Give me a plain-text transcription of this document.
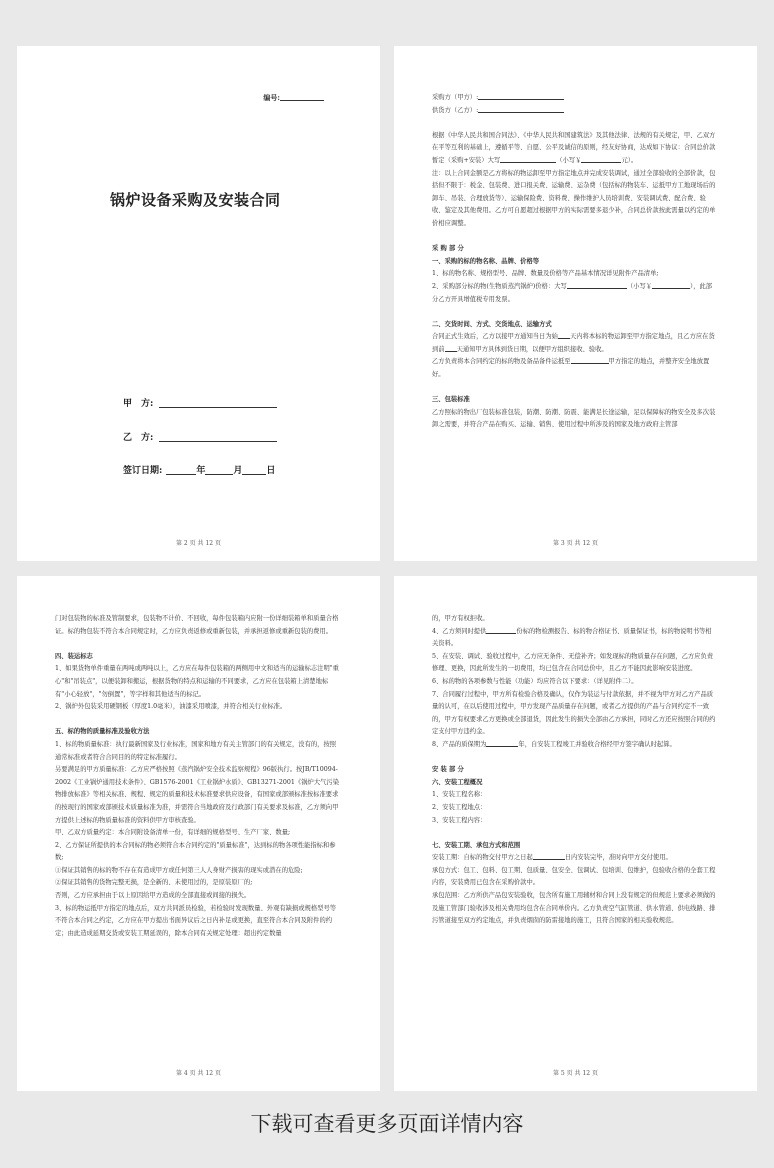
编号:
锅炉设备采购及安装合同
甲　方:
乙　方:
签订日期:	年	月	日
第 2 页 共 12 页

采购方（甲方）:

供货方（乙方）:

根据《中华人民共和国合同法》、《中华人民共和国建筑法》及其他法律、法规的有关规定，甲、乙双方在平等互利的基础上，遵循平等、自愿、公平及诚信的原则，经友好协商，达成如下协议：合同总价款暂定（采购+安装）大写	（小写￥	元）。

注：以上合同金额是乙方将标的物运卸至甲方指定地点并完成安装调试，通过全部验收的全部价款，包括但不限于：税金、包装费、进口报关费、运输费、运杂费（包括标的物装车、运抵甲方工地现场后的卸车、吊装、合理放货等）、运输保险费、资料费、操作维护人员培训费、安装调试费、配合费、验收、鉴定及其他费用。乙方可自愿超过根据甲方的实际需要多退少补，合同总价款按此需量以约定的单价相应调整。

采 购 部 分

一、采购的标的物名称、品牌、价格等

1、标的物名称、规格型号、品牌、数量及价格等产品基本情况详见附件产品清单;

2、采购部分标的物(生物质蒸汽锅炉)价格：大写	（小写￥	），此部分乙方开具增值税专用发票。

二、交货时间、方式、交货地点、运输方式

合同正式生效后，乙方以接甲方通知当日为始 天内将本标的物运卸至甲方指定地点，且乙方应在货到前 天通知甲方具体到货日期，以便甲方组织接收、验收。

乙方负责将本合同约定的标的物及备品备件运抵至	甲方指定的地点，并整齐安全地放置好。

三、包装标准

乙方照标的物出厂包装标准包装，防潮、防潮、防震、能满足长途运输，足以保障标的物安全及多次装卸之需要，并符合产品在购买、运输、销售、使用过程中所涉及的国家及地方政府主管部

第 3 页 共 12 页

门对包装物的标准及管制要求，包装物不计价、不回收，每件包装箱内应附一份详细装箱单和质量合格证。标的物包装不符合本合同规定时，乙方应负责返修或重新包装，并承担返修或重新包装的费用。

四、装运标志

1、如果货物单件重量在两吨或两吨以上，乙方应在每件包装箱的两侧用中文和适当的运输标志注明"重心"和"吊装点"，以便装卸和搬运，根据货物的特点和运输的不同要求，乙方应在包装箱上清楚地标有"小心轻放"，"勿倒置"，等字样和其他适当的标记。

2、锅炉外包装采用硬钢板（厚度1.0毫米），油漆采用喷漆，并符合相关行业标准。

五、标的物的质量标准及验收方法

1、标的物质量标准：执行最新国家及行业标准，国家和地方有关主管部门的有关规定，没有的，按照通常标准或者符合合同目的的特定标准履行。

另要满足的甲方质量标准：乙方应严格按照《蒸汽锅炉安全技术监察规程》96版执行。按JB/T10094-2002《工业锅炉通用技术条件》、GB1576-2001《工业锅炉水质》、GB13271-2001《锅炉大气污染物排放标准》等相关标准、规程、规定的质量和技术标准要求供应设备，有国家或部颁标准按标准要求的按现行的国家或部颁技术质量标准为准，并需符合当地政府及行政部门有关要求及标准，乙方须向甲方提供上述标的物质量标准的资料供甲方审核查验。

甲、乙双方质量约定：本合同附设备清单一份，有详细的规格型号、生产厂家、数量;

2、乙方保证所提供的本合同标的物必须符合本合同约定的"质量标准"，达到标的物各项性能指标和参数;

①保证其销售的标的物不存在有造成甲方或任何第三人人身财产损害的现实或潜在的危险;

②保证其销售的货物完整无损，是全新的、未使用过的，是原装原厂的;

否则，乙方应承担由于以上原因给甲方造成的全部直接或间接的损失。

3、标的物运抵甲方指定的地点后，双方共同派员检验，若检验时发现数量、外观有缺损或规格型号等不符合本合同之约定，乙方应在甲方提出书面异议后之日内补足或更换，直至符合本合同及附件的约定；由此造成延期交货或安装工期延误的，除本合同有关规定处理：超出约定数量

第 4 页 共 12 页

的，甲方有权拒收。

4、乙方须同时提供	份标的物检测报告、标的物合格证书、质量保证书，标的物说明书等相关资料。

5、在安装、调试、验收过程中，乙方应无条件、无偿补齐；如发现标的物质量存在问题，乙方应负责修理、更换，因此所发生的一切费用，均已包含在合同总价中，且乙方不能因此影响安装进度。

6、标的物的各项参数与性能（功能）均应符合以下要求：（详见附件二）。

7、合同履行过程中，甲方所有检验合格及确认，仅作为装运与付款依据，并不视为甲方对乙方产品质量的认可，在以后使用过程中，甲方发现产品质量存在问题，或者乙方提供的产品与合同约定不一致的，甲方有权要求乙方更换或全部退货，因此发生的损失全部由乙方承担，同时乙方还应按照合同的约定支付甲方违约金。

8、产品的质保期为	年，自安装工程竣工并验收合格经甲方签字确认时起算。

安 装 部 分

六、安装工程概况

1、安装工程名称：

2、安装工程地点：

3、安装工程内容：

七、安装工期、承包方式和范围

安装工期：自标的物交付甲方之日起	日内安装完毕，准时向甲方交付使用。

承包方式：包工、包料、包工期、包质量、包安全、包调试、包培训、包维护，包验收合格的全套工程内容，安装费用已包含在采购价款中。

承包范围：乙方所供产品包安装验收，包含所有施工用辅材和合同上没有规定的但规范上要求必须做的及施工管部门验收涉及相关费用均包含在合同单价内。乙方负责空气缸管道、供水管道、供电线路、排污管道接至双方约定地点，并负责烟囱的防雷接地的施工，且符合国家的相关验收规范。

第 5 页 共 12 页
下载可查看更多页面详情内容
